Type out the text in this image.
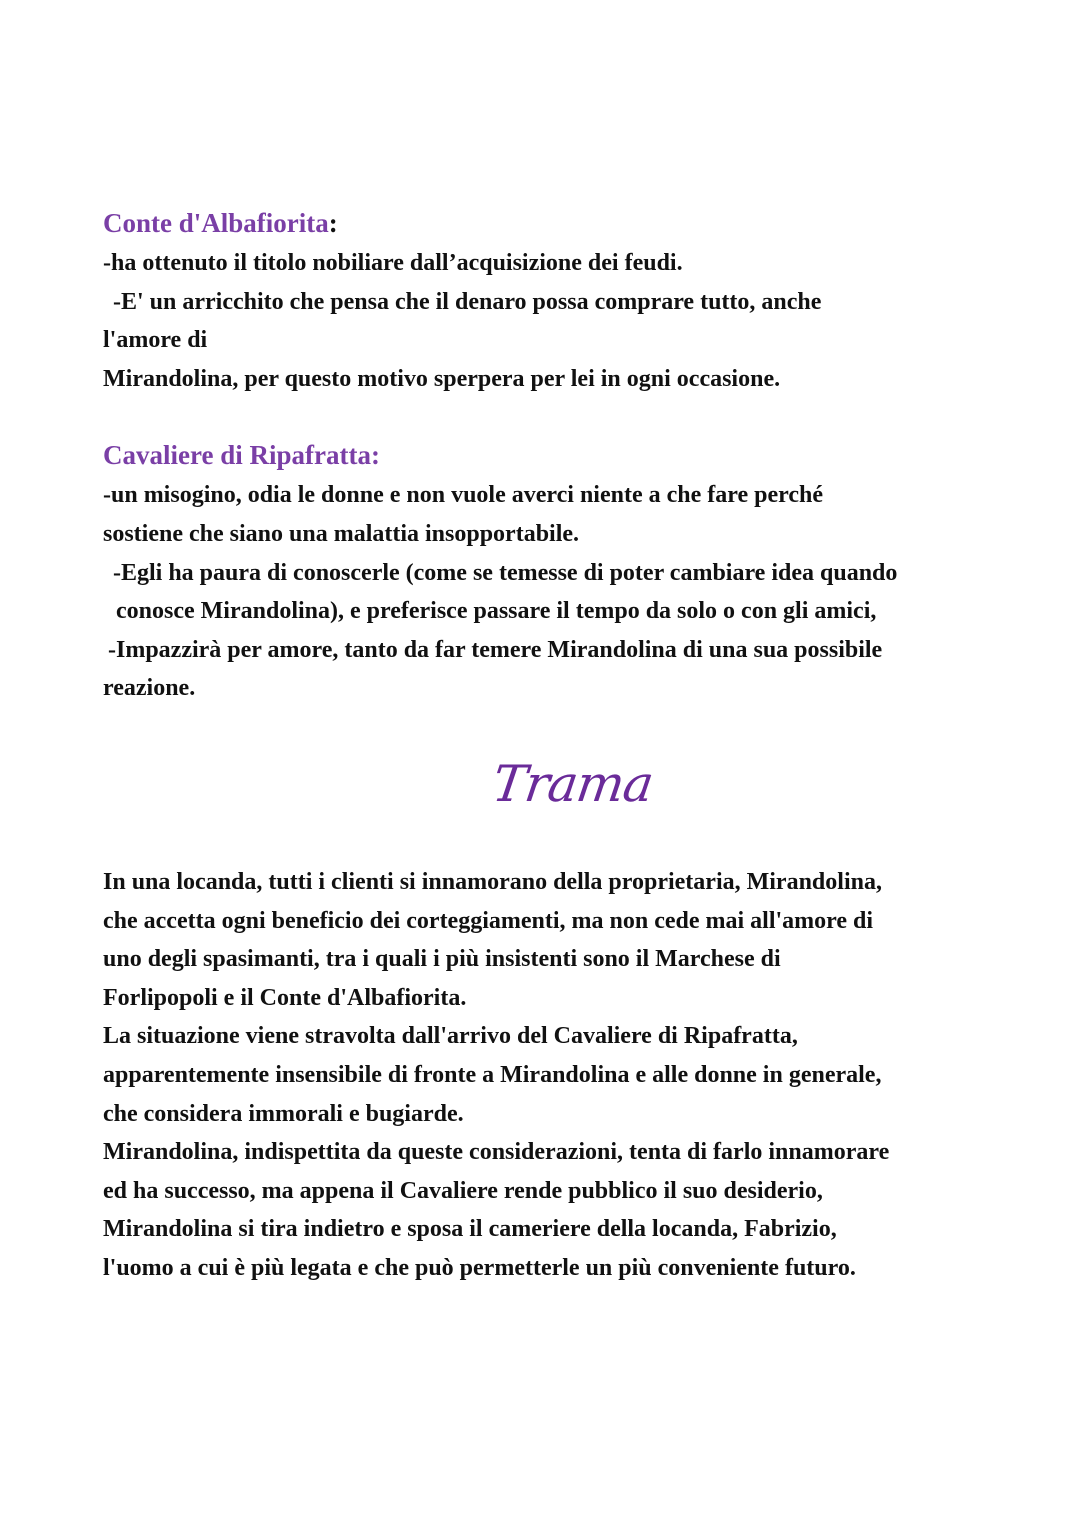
Conte d'Albafiorita:
-ha ottenuto il titolo nobiliare dall’acquisizione dei feudi.
-E' un arricchito che pensa che il denaro possa comprare tutto, anche
l'amore di
Mirandolina, per questo motivo sperpera per lei in ogni occasione.
Cavaliere di Ripafratta:
-un misogino, odia le donne e non vuole averci niente a che fare perché
sostiene che siano una malattia insopportabile.
-Egli ha paura di conoscerle (come se temesse di poter cambiare idea quando
conosce Mirandolina), e preferisce passare il tempo da solo o con gli amici,
-Impazzirà per amore, tanto da far temere Mirandolina di una sua possibile
reazione.
Trama
In una locanda, tutti i clienti si innamorano della proprietaria, Mirandolina,
che accetta ogni beneficio dei corteggiamenti, ma non cede mai all'amore di
uno degli spasimanti, tra i quali i più insistenti sono il Marchese di
Forlipopoli e il Conte d'Albafiorita.
La situazione viene stravolta dall'arrivo del Cavaliere di Ripafratta,
apparentemente insensibile di fronte a Mirandolina e alle donne in generale,
che considera immorali e bugiarde.
Mirandolina, indispettita da queste considerazioni, tenta di farlo innamorare
ed ha successo, ma appena il Cavaliere rende pubblico il suo desiderio,
Mirandolina si tira indietro e sposa il cameriere della locanda, Fabrizio,
l'uomo a cui è più legata e che può permetterle un più conveniente futuro.
